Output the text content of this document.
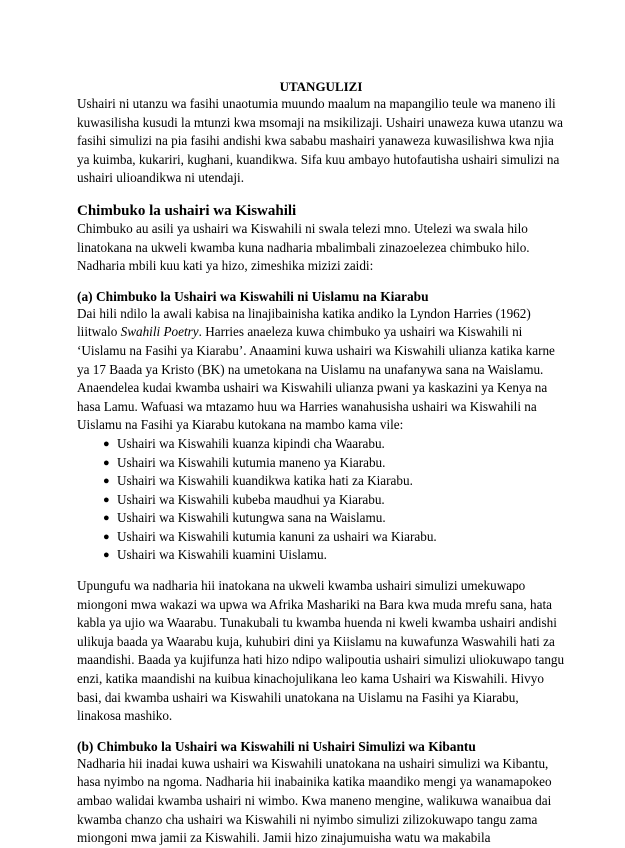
UTANGULIZI

Ushairi ni utanzu wa fasihi unaotumia muundo maalum na mapangilio teule wa maneno ili kuwasilisha kusudi la mtunzi kwa msomaji na msikilizaji. Ushairi unaweza kuwa utanzu wa fasihi simulizi na pia fasihi andishi kwa sababu mashairi yanaweza kuwasilishwa kwa njia ya kuimba, kukariri, kughani, kuandikwa. Sifa kuu ambayo hutofautisha ushairi simulizi na ushairi ulioandikwa ni utendaji.

Chimbuko la ushairi wa Kiswahili

Chimbuko au asili ya ushairi wa Kiswahili ni swala telezi mno. Utelezi wa swala hilo linatokana na ukweli kwamba kuna nadharia mbalimbali zinazoelezea chimbuko hilo. Nadharia mbili kuu kati ya hizo, zimeshika mizizi zaidi:

(a) Chimbuko la Ushairi wa Kiswahili ni Uislamu na Kiarabu

Dai hili ndilo la awali kabisa na linajibainisha katika andiko la Lyndon Harries (1962) liitwalo Swahili Poetry. Harries anaeleza kuwa chimbuko ya ushairi wa Kiswahili ni ‘Uislamu na Fasihi ya Kiarabu’. Anaamini kuwa ushairi wa Kiswahili ulianza katika karne ya 17 Baada ya Kristo (BK) na umetokana na Uislamu na unafanywa sana na Waislamu. Anaendelea kudai kwamba ushairi wa Kiswahili ulianza pwani ya kaskazini ya Kenya na hasa Lamu. Wafuasi wa mtazamo huu wa Harries wanahusisha ushairi wa Kiswahili na Uislamu na Fasihi ya Kiarabu kutokana na mambo kama vile:

● Ushairi wa Kiswahili kuanza kipindi cha Waarabu.
● Ushairi wa Kiswahili kutumia maneno ya Kiarabu.
● Ushairi wa Kiswahili kuandikwa katika hati za Kiarabu.
● Ushairi wa Kiswahili kubeba maudhui ya Kiarabu.
● Ushairi wa Kiswahili kutungwa sana na Waislamu.
● Ushairi wa Kiswahili kutumia kanuni za ushairi wa Kiarabu.
● Ushairi wa Kiswahili kuamini Uislamu.

Upungufu wa nadharia hii inatokana na ukweli kwamba ushairi simulizi umekuwapo miongoni mwa wakazi wa upwa wa Afrika Mashariki na Bara kwa muda mrefu sana, hata kabla ya ujio wa Waarabu. Tunakubali tu kwamba huenda ni kweli kwamba ushairi andishi ulikuja baada ya Waarabu kuja, kuhubiri dini ya Kiislamu na kuwafunza Waswahili hati za maandishi. Baada ya kujifunza hati hizo ndipo walipoutia ushairi simulizi uliokuwapo tangu enzi, katika maandishi na kuibua kinachojulikana leo kama Ushairi wa Kiswahili. Hivyo basi, dai kwamba ushairi wa Kiswahili unatokana na Uislamu na Fasihi ya Kiarabu, linakosa mashiko.

(b) Chimbuko la Ushairi wa Kiswahili ni Ushairi Simulizi wa Kibantu

Nadharia hii inadai kuwa ushairi wa Kiswahili unatokana na ushairi simulizi wa Kibantu, hasa nyimbo na ngoma. Nadharia hii inabainika katika maandiko mengi ya wanamapokeo ambao walidai kwamba ushairi ni wimbo. Kwa maneno mengine, walikuwa wanaibua dai kwamba chanzo cha ushairi wa Kiswahili ni nyimbo simulizi zilizokuwapo tangu zama miongoni mwa jamii za Kiswahili. Jamii hizo zinajumuisha watu wa makabila
